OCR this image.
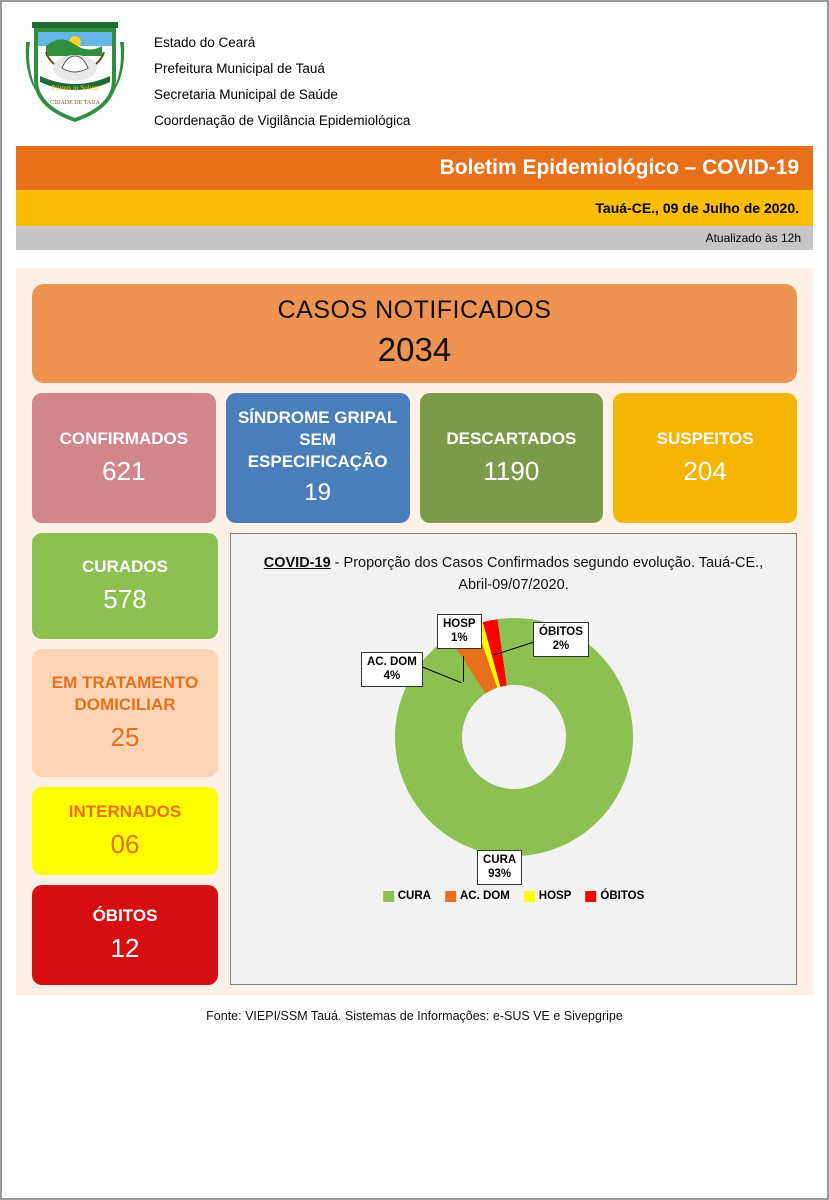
Primus in Solum
CIDADE DE TAUÁ
Estado do Ceará
Prefeitura Municipal de Tauá
Secretaria Municipal de Saúde
Coordenação de Vigilância Epidemiológica
Boletim Epidemiológico – COVID-19
Tauá-CE., 09 de Julho de 2020.
Atualizado às 12h
CASOS NOTIFICADOS
2034
CONFIRMADOS
621
SÍNDROME GRIPAL SEM ESPECIFICAÇÃO
19
DESCARTADOS
1190
SUSPEITOS
204
CURADOS
578
EM TRATAMENTO DOMICILIAR
25
INTERNADOS
06
ÓBITOS
12
COVID-19 - Proporção dos Casos Confirmados segundo evolução. Tauá-CE., Abril-09/07/2020.
AC. DOM
4%
HOSP
1%	ÓBITOS
2%
CURA
93%
CURA	AC. DOM	HOSP	ÓBITOS
Fonte: VIEPI/SSM Tauá. Sistemas de Informações: e-SUS VE e Sivepgripe
